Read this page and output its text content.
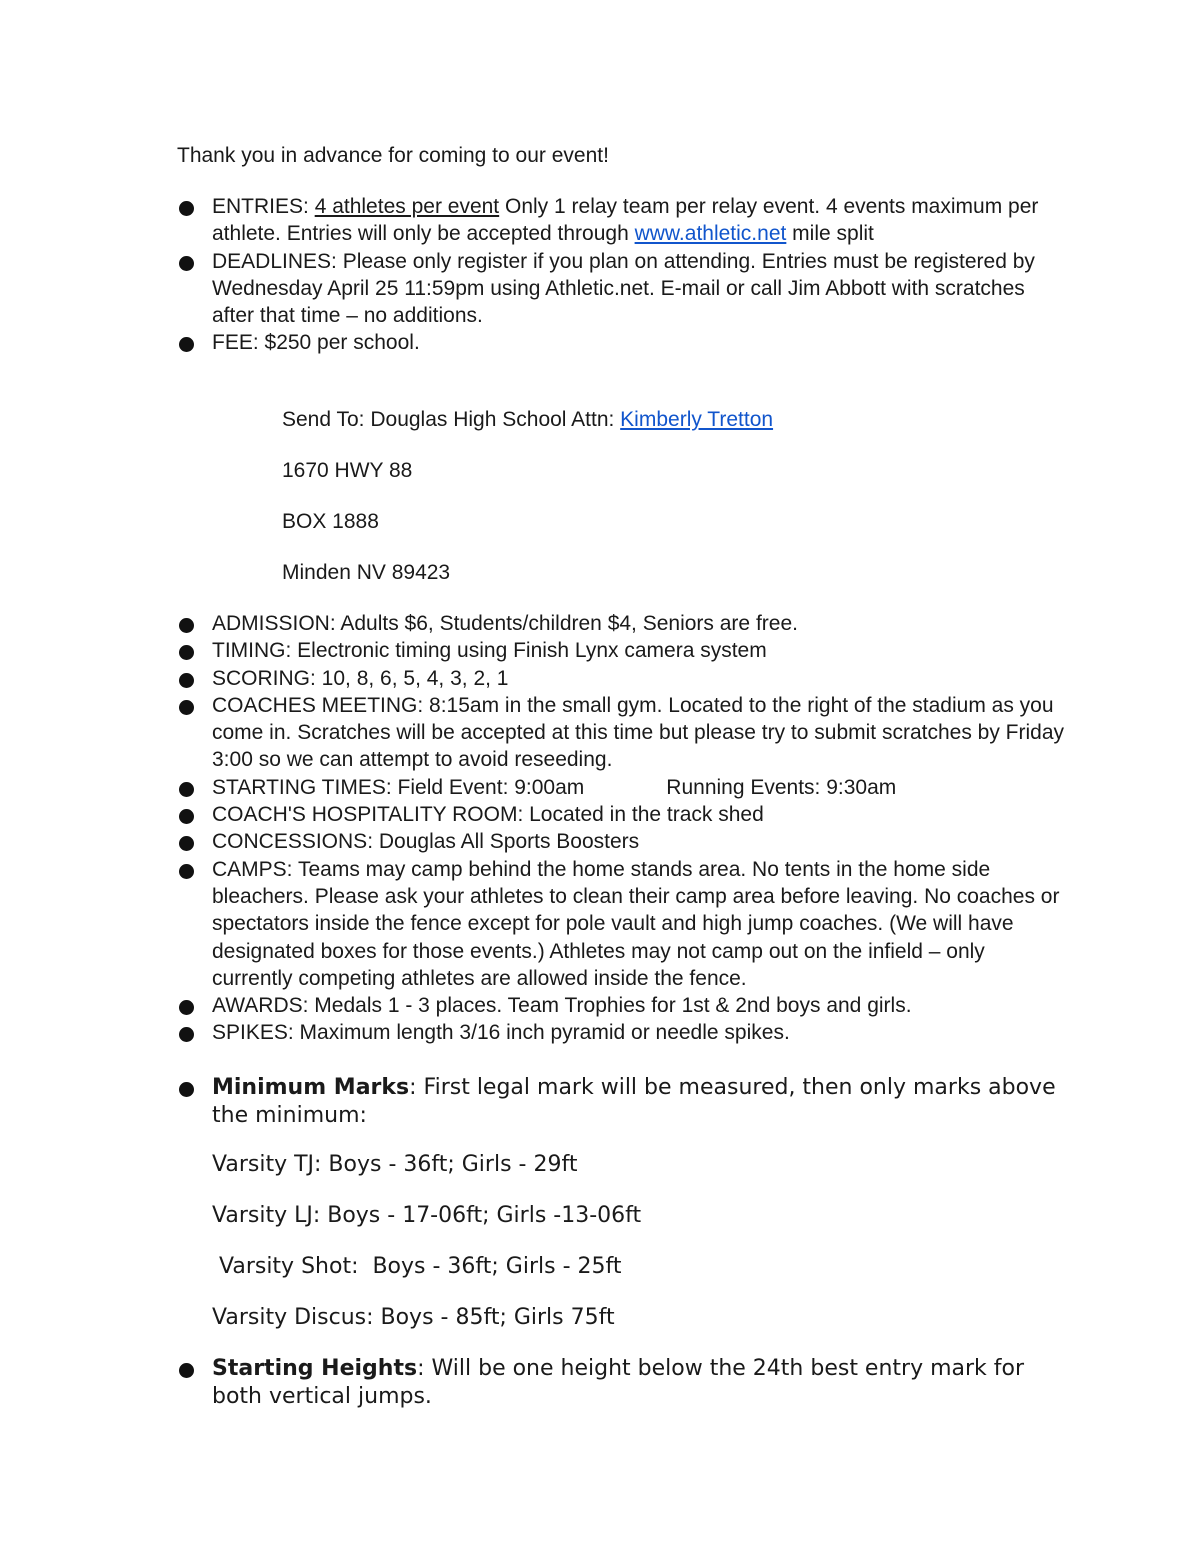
Thank you in advance for coming to our event!
ENTRIES: 4 athletes per event Only 1 relay team per relay event. 4 events maximum per athlete. Entries will only be accepted through www.athletic.net mile split
DEADLINES: Please only register if you plan on attending. Entries must be registered by Wednesday April 25 11:59pm using Athletic.net. E-mail or call Jim Abbott with scratches after that time – no additions.
FEE: $250 per school.
Send To: Douglas High School Attn: Kimberly Tretton
1670 HWY 88
BOX 1888
Minden NV 89423
ADMISSION: Adults $6, Students/children $4, Seniors are free.
TIMING: Electronic timing using Finish Lynx camera system
SCORING: 10, 8, 6, 5, 4, 3, 2, 1
COACHES MEETING: 8:15am in the small gym. Located to the right of the stadium as you come in. Scratches will be accepted at this time but please try to submit scratches by Friday 3:00 so we can attempt to avoid reseeding.
STARTING TIMES: Field Event: 9:00am	Running Events: 9:30am
COACH'S HOSPITALITY ROOM: Located in the track shed
CONCESSIONS: Douglas All Sports Boosters
CAMPS: Teams may camp behind the home stands area. No tents in the home side bleachers. Please ask your athletes to clean their camp area before leaving. No coaches or spectators inside the fence except for pole vault and high jump coaches. (We will have designated boxes for those events.) Athletes may not camp out on the infield – only currently competing athletes are allowed inside the fence.
AWARDS: Medals 1 - 3 places. Team Trophies for 1st & 2nd boys and girls.
SPIKES: Maximum length 3/16 inch pyramid or needle spikes.
Minimum Marks: First legal mark will be measured, then only marks above the minimum:
Varsity TJ: Boys - 36ft; Girls - 29ft
Varsity LJ: Boys - 17-06ft; Girls -13-06ft
Varsity Shot:  Boys - 36ft; Girls - 25ft
Varsity Discus: Boys - 85ft; Girls 75ft
Starting Heights: Will be one height below the 24th best entry mark for both vertical jumps.
